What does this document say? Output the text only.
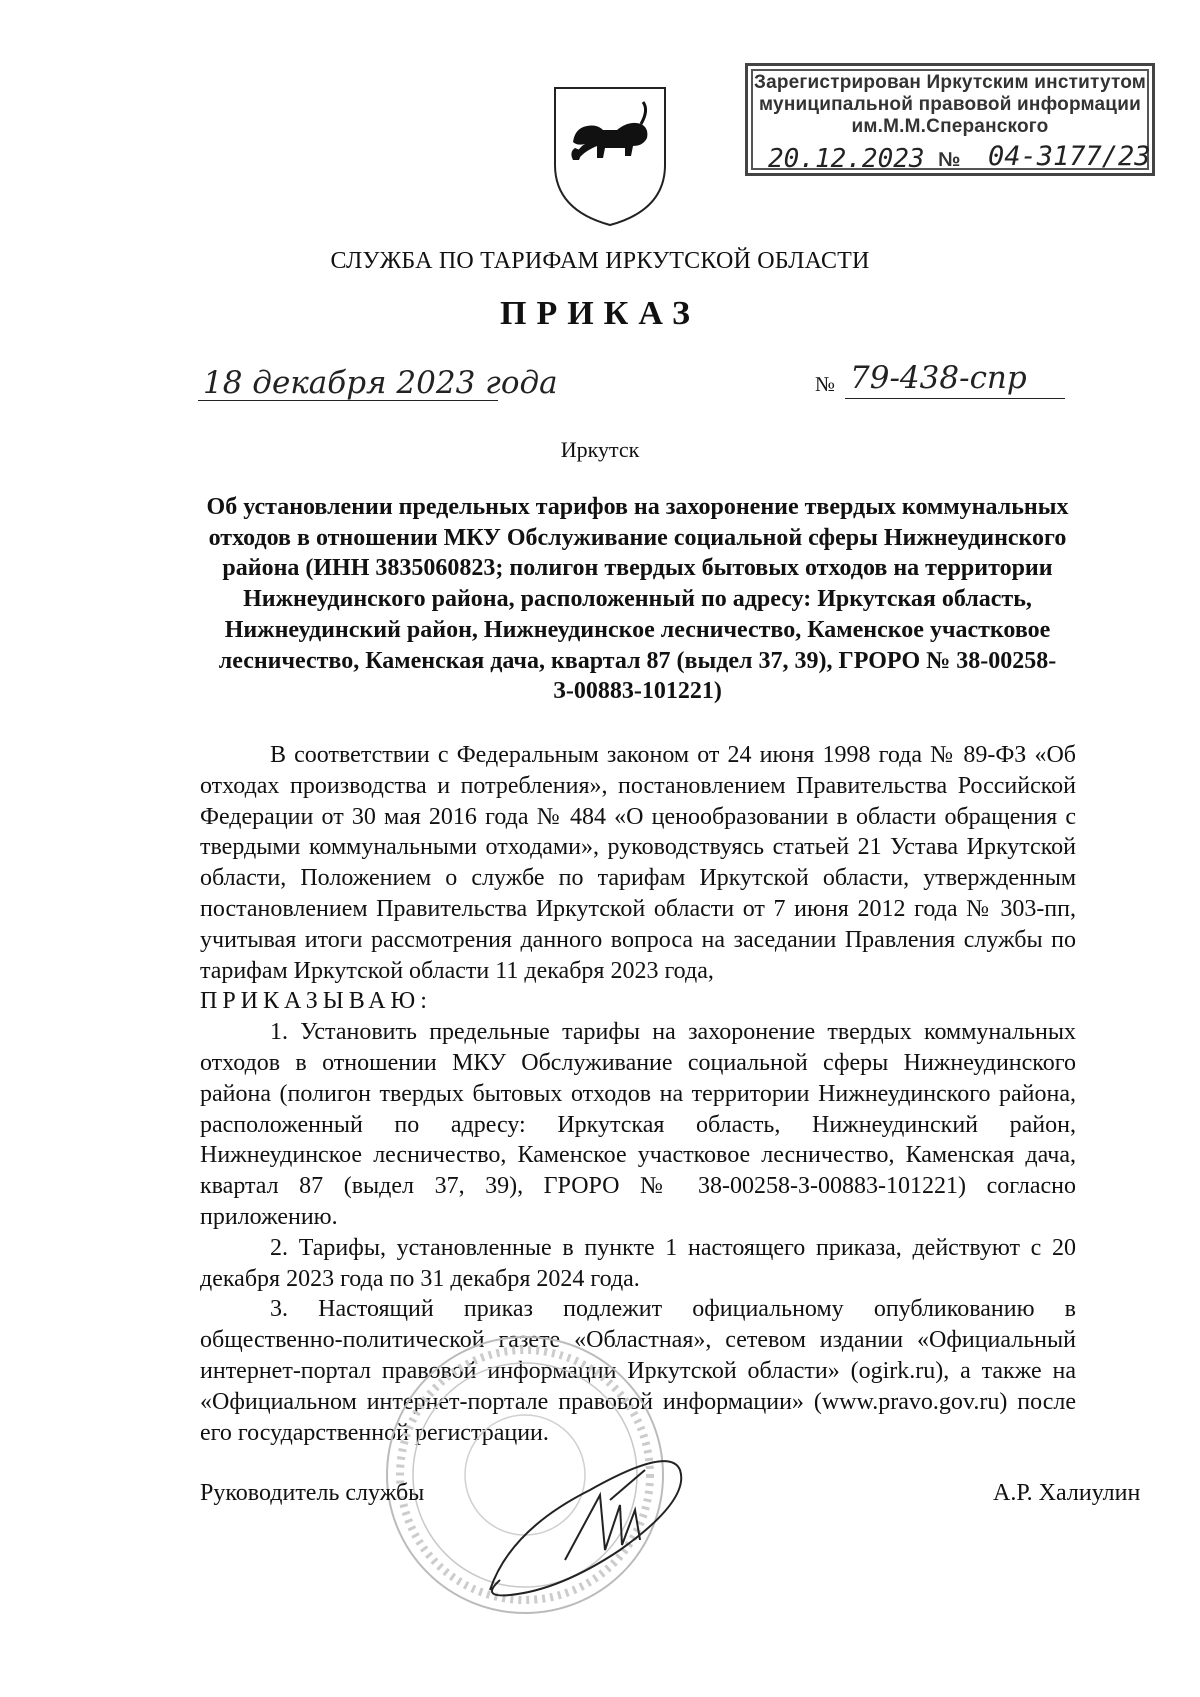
Зарегистрирован Иркутским институтом
муниципальной правовой информации
им.М.М.Сперанского
20.12.2023 № 04-3177/23
СЛУЖБА ПО ТАРИФАМ ИРКУТСКОЙ ОБЛАСТИ
ПРИКАЗ
18 декабря 2023 года	№ 79-438-спр
Иркутск
Об установлении предельных тарифов на захоронение твердых коммунальных отходов в отношении МКУ Обслуживание социальной сферы Нижнеудинского района (ИНН 3835060823; полигон твердых бытовых отходов на территории Нижнеудинского района, расположенный по адресу: Иркутская область, Нижнеудинский район, Нижнеудинское лесничество, Каменское участковое лесничество, Каменская дача, квартал 87 (выдел 37, 39), ГРОРО № 38-00258-З-00883-101221)

В соответствии с Федеральным законом от 24 июня 1998 года № 89-ФЗ «Об отходах производства и потребления», постановлением Правительства Российской Федерации от 30 мая 2016 года № 484 «О ценообразовании в области обращения с твердыми коммунальными отходами», руководствуясь статьей 21 Устава Иркутской области, Положением о службе по тарифам Иркутской области, утвержденным постановлением Правительства Иркутской области от 7 июня 2012 года № 303-пп, учитывая итоги рассмотрения данного вопроса на заседании Правления службы по тарифам Иркутской области 11 декабря 2023 года,

ПРИКАЗЫВАЮ:

1. Установить предельные тарифы на захоронение твердых коммунальных отходов в отношении МКУ Обслуживание социальной сферы Нижнеудинского района (полигон твердых бытовых отходов на территории Нижнеудинского района, расположенный по адресу: Иркутская область, Нижнеудинский район, Нижнеудинское лесничество, Каменское участковое лесничество, Каменская дача, квартал 87 (выдел 37, 39), ГРОРО № 38-00258-З-00883-101221) согласно приложению.

2. Тарифы, установленные в пункте 1 настоящего приказа, действуют с 20 декабря 2023 года по 31 декабря 2024 года.

3. Настоящий приказ подлежит официальному опубликованию в общественно-политической газете «Областная», сетевом издании «Официальный интернет-портал правовой информации Иркутской области» (ogirk.ru), а также на «Официальном интернет-портале правовой информации» (www.pravo.gov.ru) после его государственной регистрации.

Руководитель службы	А.Р. Халиулин
